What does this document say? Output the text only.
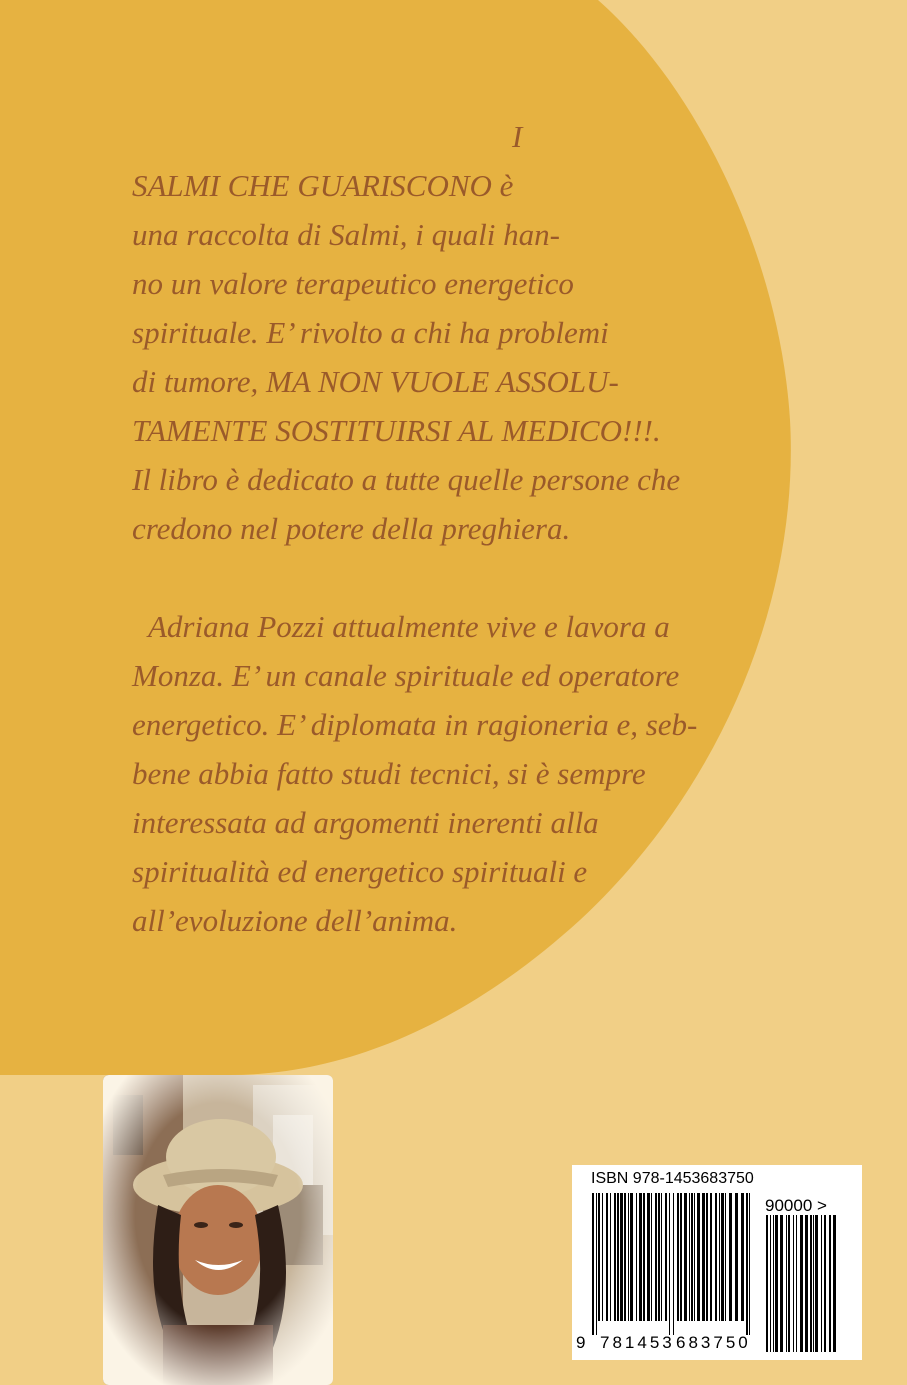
I
SALMI CHE GUARISCONO è
una raccolta di Salmi, i quali han-
no un valore terapeutico energetico
spirituale. E’ rivolto a chi ha problemi
di tumore, MA NON VUOLE ASSOLU-
TAMENTE SOSTITUIRSI AL MEDICO!!!.
Il libro è dedicato a tutte quelle persone che
credono nel potere della preghiera.
Adriana Pozzi attualmente vive e lavora a
Monza. E’ un canale spirituale ed operatore
energetico. E’ diplomata in ragioneria e, seb-
bene abbia fatto studi tecnici, si è sempre
interessata ad argomenti inerenti alla
spiritualità ed energetico spirituali e
all’evoluzione dell’anima.
ISBN 978-1453683750
90000 >
9 781453 683750
